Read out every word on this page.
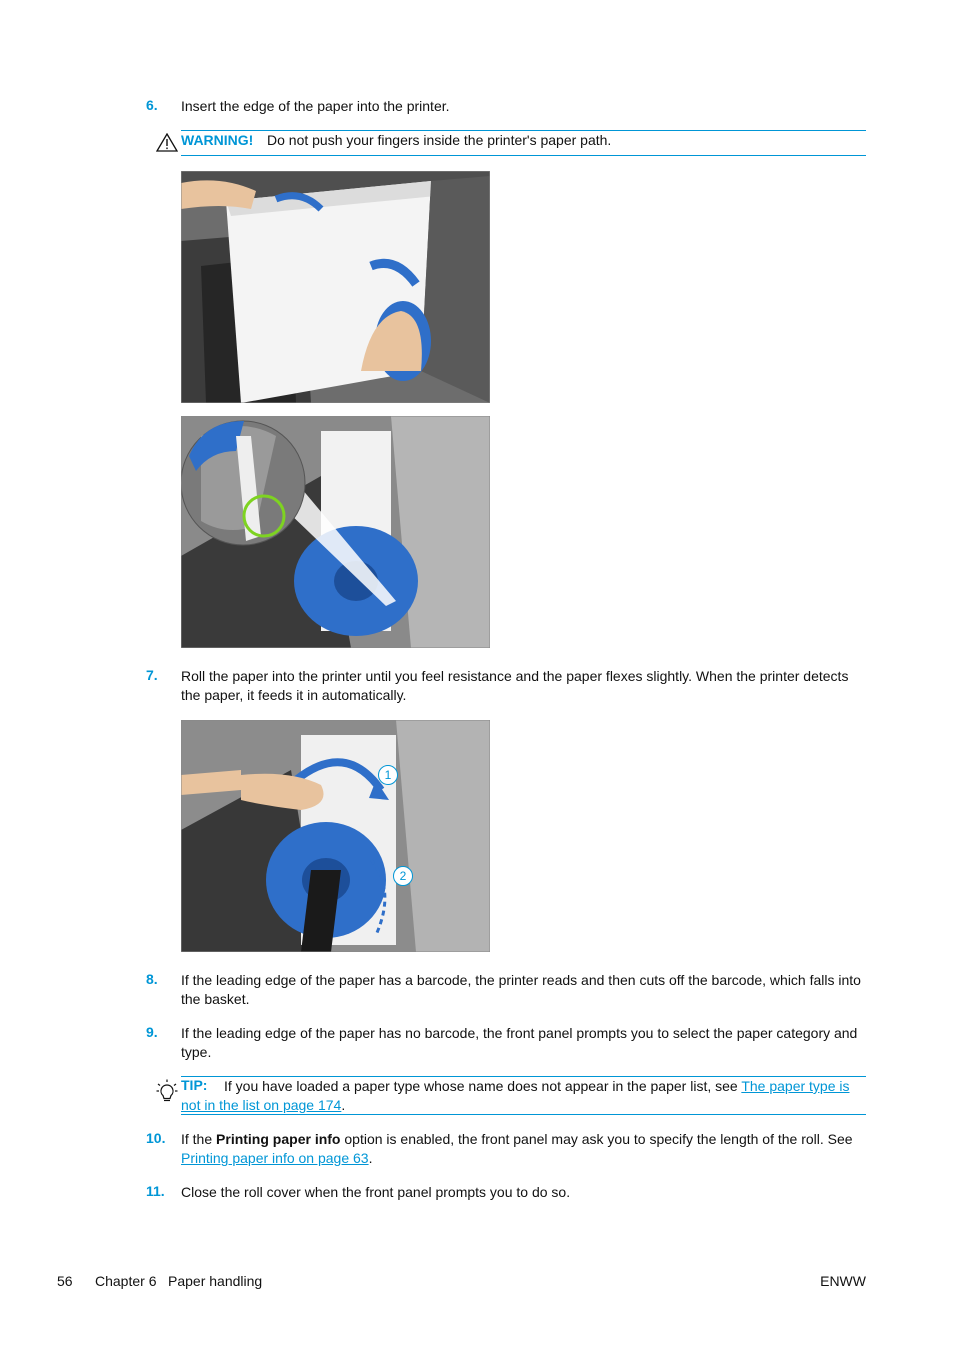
6. Insert the edge of the paper into the printer.
WARNING! Do not push your fingers inside the printer's paper path.
7. Roll the paper into the printer until you feel resistance and the paper flexes slightly. When the printer detects the paper, it feeds it in automatically.
1
2
8. If the leading edge of the paper has a barcode, the printer reads and then cuts off the barcode, which falls into the basket.
9. If the leading edge of the paper has no barcode, the front panel prompts you to select the paper category and type.
TIP:	If you have loaded a paper type whose name does not appear in the paper list, see The paper type is not in the list on page 174.
10. If the Printing paper info option is enabled, the front panel may ask you to specify the length of the roll. See Printing paper info on page 63.
11. Close the roll cover when the front panel prompts you to do so.
56 Chapter 6 Paper handling	ENWW
